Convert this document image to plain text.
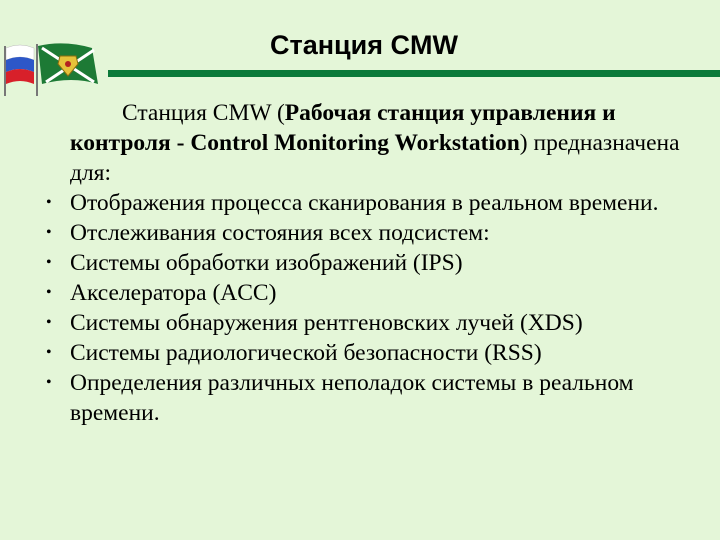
Станция CMW

Станция CMW (Рабочая станция управления и контроля - Control Monitoring Workstation) предназначена для:

• Отображения процесса сканирования в реальном времени.
• Отслеживания состояния всех подсистем:
• Системы обработки изображений (IPS)
• Акселератора (ACC)
• Системы обнаружения рентгеновских лучей (XDS)
• Системы радиологической безопасности (RSS)
• Определения различных неполадок системы в реальном времени.
